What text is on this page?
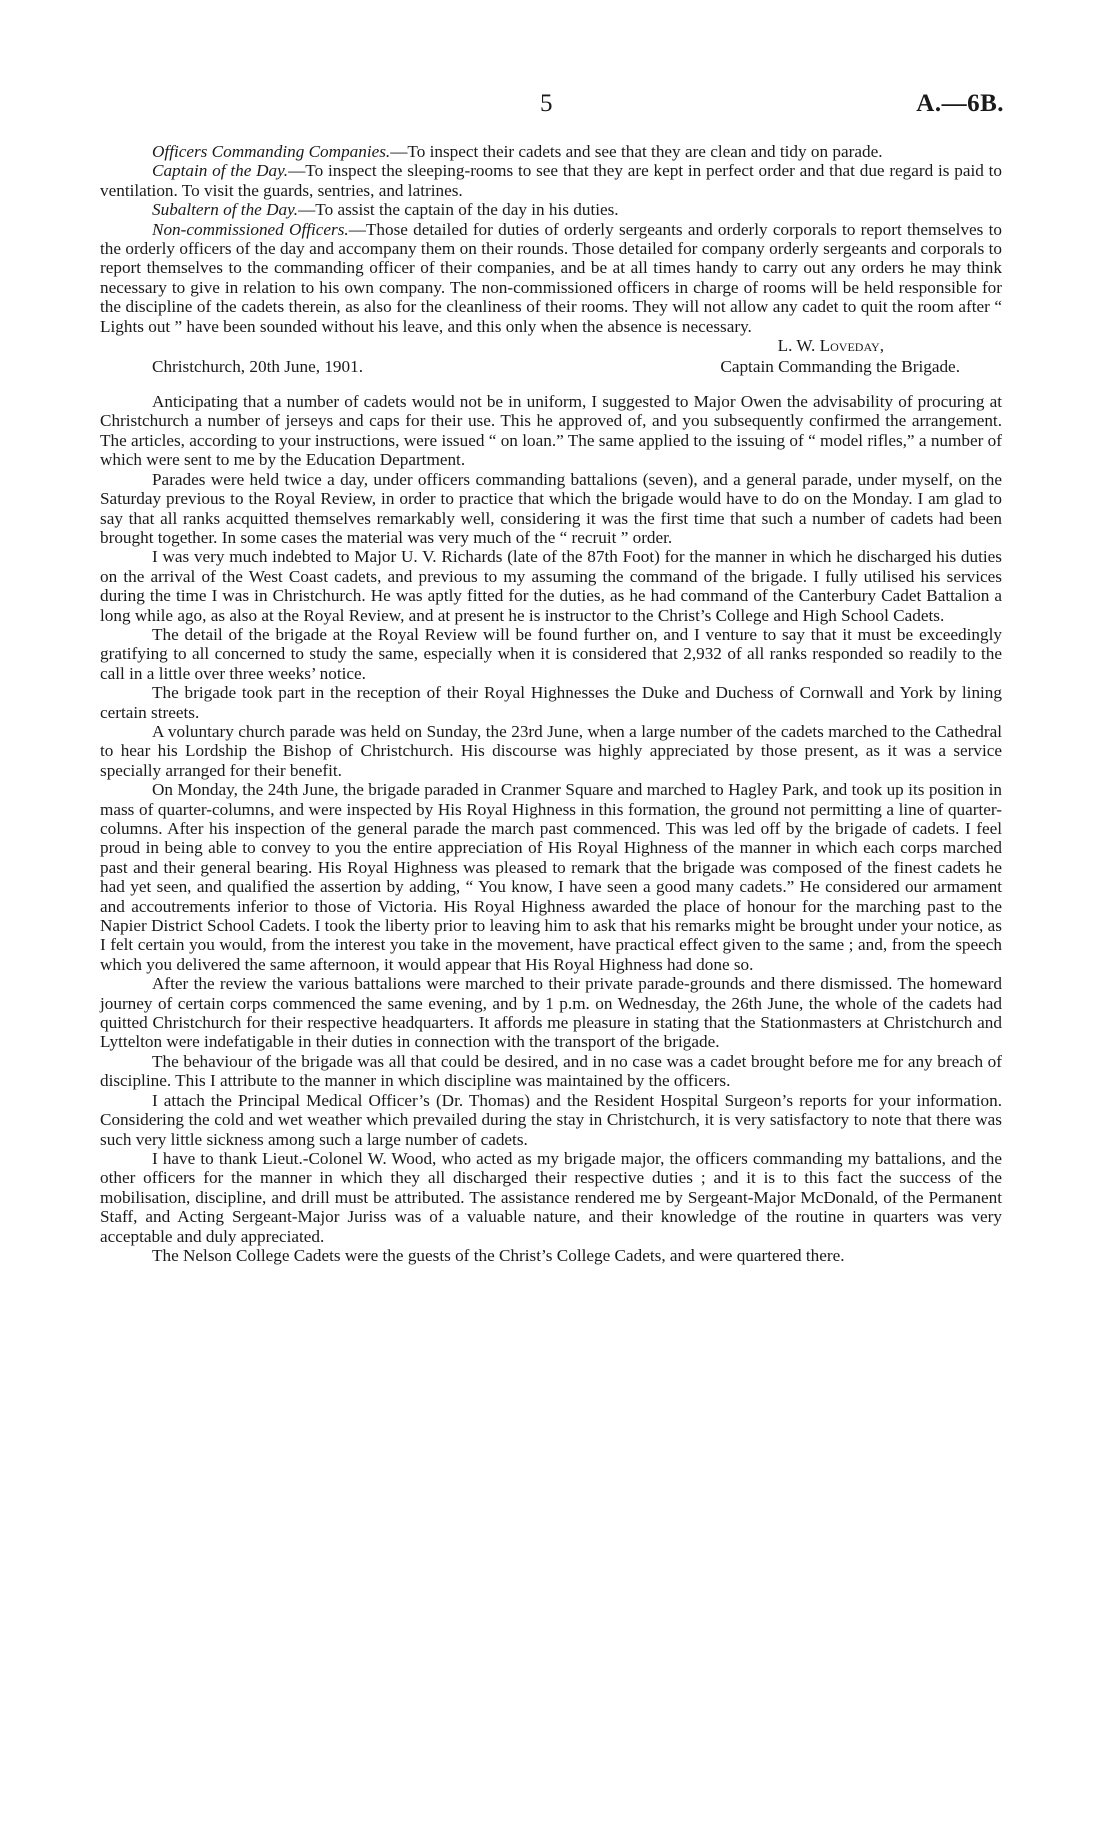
5	A.—6B.

Officers Commanding Companies.—To inspect their cadets and see that they are clean and tidy on parade.

Captain of the Day.—To inspect the sleeping-rooms to see that they are kept in perfect order and that due regard is paid to ventilation. To visit the guards, sentries, and latrines.

Subaltern of the Day.—To assist the captain of the day in his duties.

Non-commissioned Officers.—Those detailed for duties of orderly sergeants and orderly corporals to report themselves to the orderly officers of the day and accompany them on their rounds. Those detailed for company orderly sergeants and corporals to report themselves to the commanding officer of their companies, and be at all times handy to carry out any orders he may think necessary to give in relation to his own company. The non-commissioned officers in charge of rooms will be held responsible for the discipline of the cadets therein, as also for the cleanliness of their rooms. They will not allow any cadet to quit the room after “ Lights out ” have been sounded without his leave, and this only when the absence is necessary.

L. W. Loveday,
Christchurch, 20th June, 1901.	Captain Commanding the Brigade.

Anticipating that a number of cadets would not be in uniform, I suggested to Major Owen the advisability of procuring at Christchurch a number of jerseys and caps for their use. This he approved of, and you subsequently confirmed the arrangement. The articles, according to your instructions, were issued “ on loan.” The same applied to the issuing of “ model rifles,” a number of which were sent to me by the Education Department.

Parades were held twice a day, under officers commanding battalions (seven), and a general parade, under myself, on the Saturday previous to the Royal Review, in order to practice that which the brigade would have to do on the Monday. I am glad to say that all ranks acquitted themselves remarkably well, considering it was the first time that such a number of cadets had been brought together. In some cases the material was very much of the “ recruit ” order.

I was very much indebted to Major U. V. Richards (late of the 87th Foot) for the manner in which he discharged his duties on the arrival of the West Coast cadets, and previous to my assuming the command of the brigade. I fully utilised his services during the time I was in Christchurch. He was aptly fitted for the duties, as he had command of the Canterbury Cadet Battalion a long while ago, as also at the Royal Review, and at present he is instructor to the Christ’s College and High School Cadets.

The detail of the brigade at the Royal Review will be found further on, and I venture to say that it must be exceedingly gratifying to all concerned to study the same, especially when it is considered that 2,932 of all ranks responded so readily to the call in a little over three weeks’ notice.

The brigade took part in the reception of their Royal Highnesses the Duke and Duchess of Cornwall and York by lining certain streets.

A voluntary church parade was held on Sunday, the 23rd June, when a large number of the cadets marched to the Cathedral to hear his Lordship the Bishop of Christchurch. His discourse was highly appreciated by those present, as it was a service specially arranged for their benefit.

On Monday, the 24th June, the brigade paraded in Cranmer Square and marched to Hagley Park, and took up its position in mass of quarter-columns, and were inspected by His Royal Highness in this formation, the ground not permitting a line of quarter-columns. After his inspection of the general parade the march past commenced. This was led off by the brigade of cadets. I feel proud in being able to convey to you the entire appreciation of His Royal Highness of the manner in which each corps marched past and their general bearing. His Royal Highness was pleased to remark that the brigade was composed of the finest cadets he had yet seen, and qualified the assertion by adding, “ You know, I have seen a good many cadets.” He considered our armament and accoutrements inferior to those of Victoria. His Royal Highness awarded the place of honour for the marching past to the Napier District School Cadets. I took the liberty prior to leaving him to ask that his remarks might be brought under your notice, as I felt certain you would, from the interest you take in the movement, have practical effect given to the same ; and, from the speech which you delivered the same afternoon, it would appear that His Royal Highness had done so.

After the review the various battalions were marched to their private parade-grounds and there dismissed. The homeward journey of certain corps commenced the same evening, and by 1 p.m. on Wednesday, the 26th June, the whole of the cadets had quitted Christchurch for their respective headquarters. It affords me pleasure in stating that the Stationmasters at Christchurch and Lyttelton were indefatigable in their duties in connection with the transport of the brigade.

The behaviour of the brigade was all that could be desired, and in no case was a cadet brought before me for any breach of discipline. This I attribute to the manner in which discipline was maintained by the officers.

I attach the Principal Medical Officer’s (Dr. Thomas) and the Resident Hospital Surgeon’s reports for your information. Considering the cold and wet weather which prevailed during the stay in Christchurch, it is very satisfactory to note that there was such very little sickness among such a large number of cadets.

I have to thank Lieut.-Colonel W. Wood, who acted as my brigade major, the officers commanding my battalions, and the other officers for the manner in which they all discharged their respective duties ; and it is to this fact the success of the mobilisation, discipline, and drill must be attributed. The assistance rendered me by Sergeant-Major McDonald, of the Permanent Staff, and Acting Sergeant-Major Juriss was of a valuable nature, and their knowledge of the routine in quarters was very acceptable and duly appreciated.

The Nelson College Cadets were the guests of the Christ’s College Cadets, and were quartered there.
